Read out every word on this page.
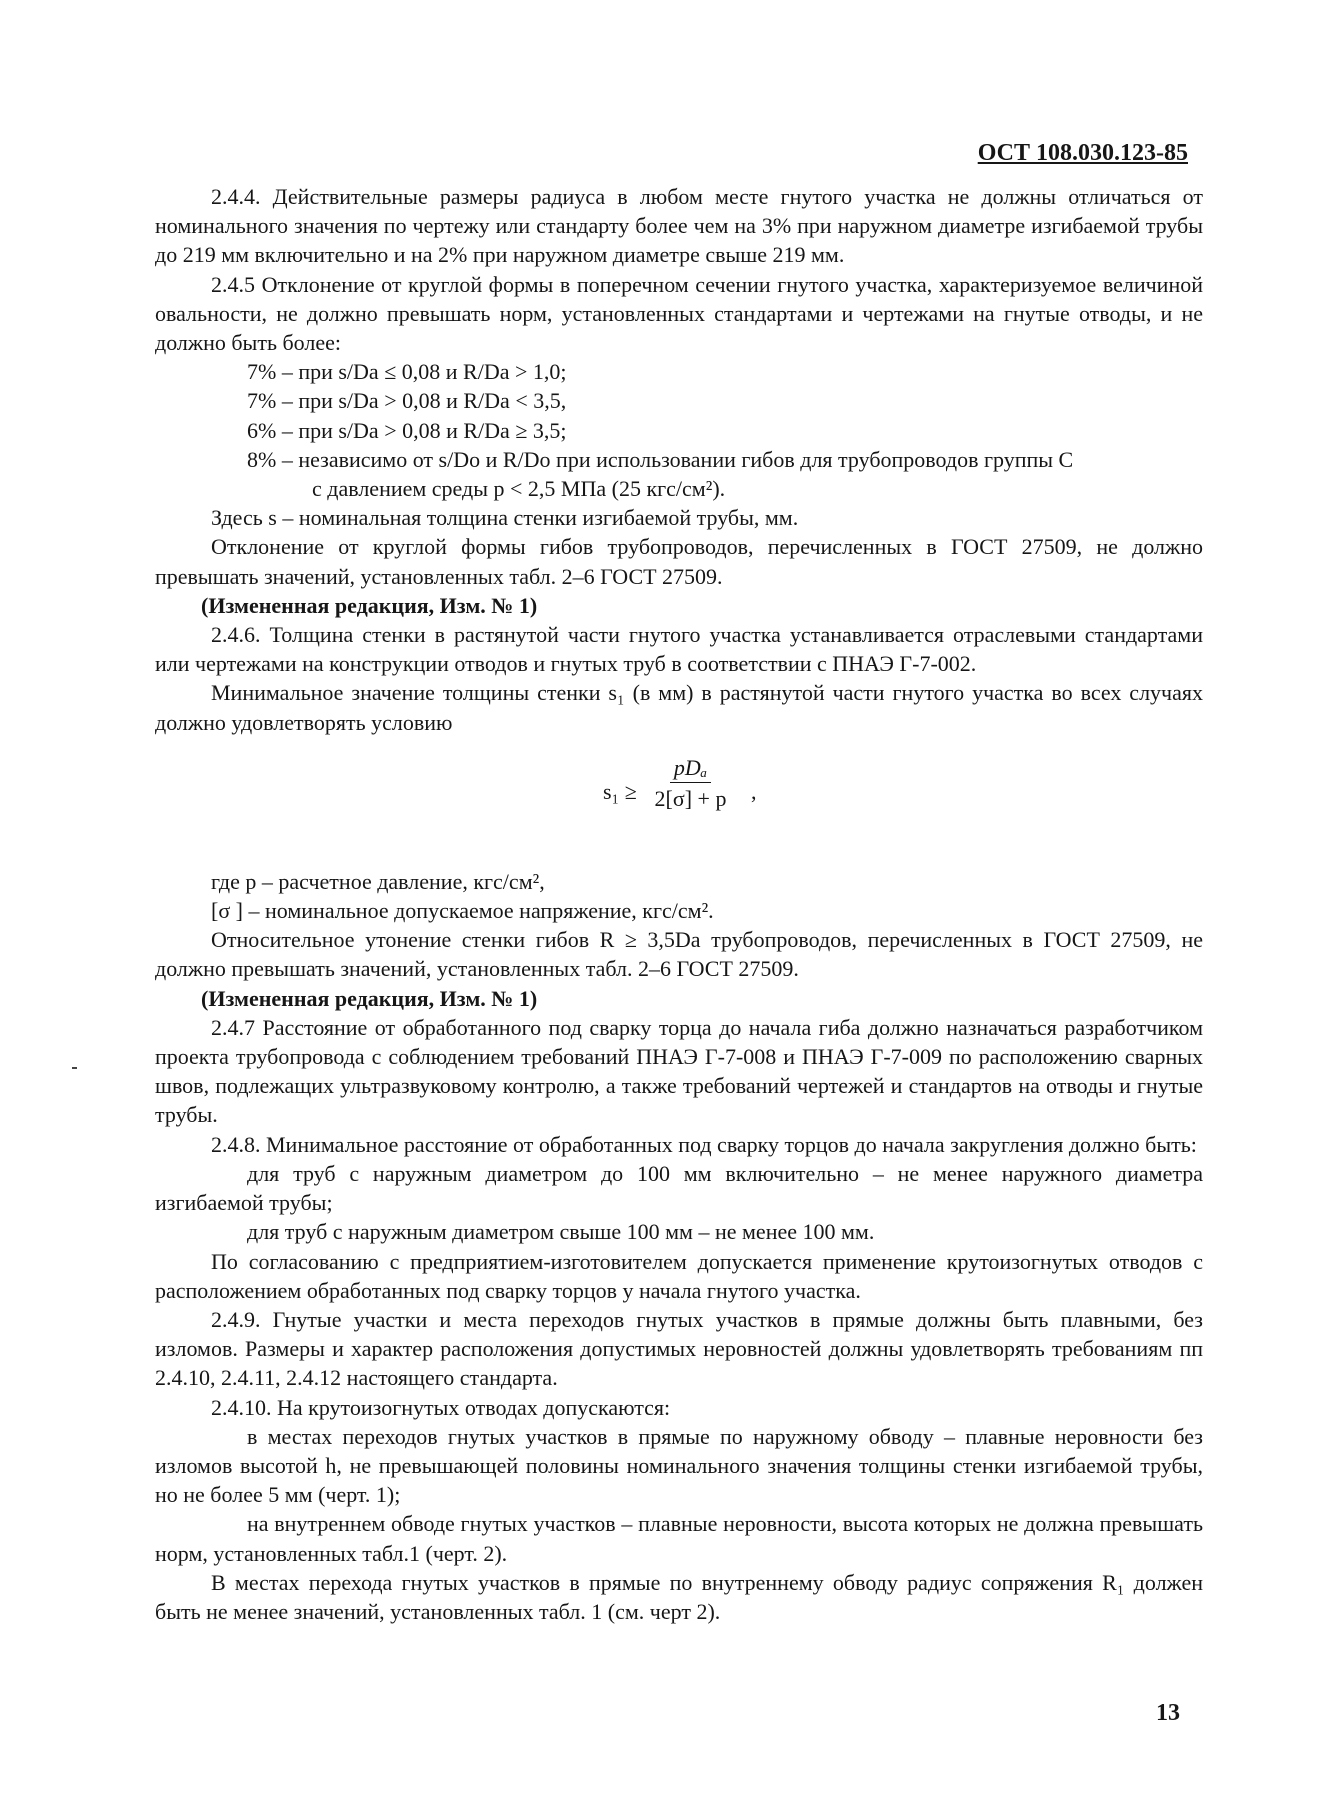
ОСТ 108.030.123-85

2.4.4. Действительные размеры радиуса в любом месте гнутого участка не должны отличаться от номинального значения по чертежу или стандарту более чем на 3% при наружном диаметре изгибаемой трубы до 219 мм включительно и на 2% при наружном диаметре свыше 219 мм.

2.4.5 Отклонение от круглой формы в поперечном сечении гнутого участка, характеризуемое величиной овальности, не должно превышать норм, установленных стандартами и чертежами на гнутые отводы, и не должно быть более:

7% – при s/Da ≤ 0,08 и R/Da > 1,0;

7% – при s/Da > 0,08 и R/Da < 3,5,

6% – при s/Da > 0,08 и R/Da ≥ 3,5;

8% – независимо от s/Do и R/Do при использовании гибов для трубопроводов группы С

с давлением среды p < 2,5 МПа (25 кгс/см²).

Здесь s – номинальная толщина стенки изгибаемой трубы, мм.

Отклонение от круглой формы гибов трубопроводов, перечисленных в ГОСТ 27509, не должно превышать значений, установленных табл. 2–6 ГОСТ 27509.

(Измененная редакция, Изм. № 1)

2.4.6. Толщина стенки в растянутой части гнутого участка устанавливается отраслевыми стандартами или чертежами на конструкции отводов и гнутых труб в соответствии с ПНАЭ Г-7-002.

Минимальное значение толщины стенки s₁ (в мм) в растянутой части гнутого участка во всех случаях должно удовлетворять условию

s₁ ≥
pDₐ
2[σ] + p	,

где p – расчетное давление, кгс/см²,

[σ ] – номинальное допускаемое напряжение, кгс/см².

Относительное утонение стенки гибов R ≥ 3,5Da трубопроводов, перечисленных в ГОСТ 27509, не должно превышать значений, установленных табл. 2–6 ГОСТ 27509.

(Измененная редакция, Изм. № 1)

2.4.7 Расстояние от обработанного под сварку торца до начала гиба должно назначаться разработчиком проекта трубопровода с соблюдением требований ПНАЭ Г-7-008 и ПНАЭ Г-7-009 по расположению сварных швов, подлежащих ультразвуковому контролю, а также требований чертежей и стандартов на отводы и гнутые трубы.

2.4.8. Минимальное расстояние от обработанных под сварку торцов до начала закругления должно быть:

для труб с наружным диаметром до 100 мм включительно – не менее наружного диаметра изгибаемой трубы;

для труб с наружным диаметром свыше 100 мм – не менее 100 мм.

По согласованию с предприятием-изготовителем допускается применение крутоизогнутых отводов с расположением обработанных под сварку торцов у начала гнутого участка.

2.4.9. Гнутые участки и места переходов гнутых участков в прямые должны быть плавными, без изломов. Размеры и характер расположения допустимых неровностей должны удовлетворять требованиям пп 2.4.10, 2.4.11, 2.4.12 настоящего стандарта.

2.4.10. На крутоизогнутых отводах допускаются:

в местах переходов гнутых участков в прямые по наружному обводу – плавные неровности без изломов высотой h, не превышающей половины номинального значения толщины стенки изгибаемой трубы, но не более 5 мм (черт. 1);

на внутреннем обводе гнутых участков – плавные неровности, высота которых не должна превышать норм, установленных табл.1 (черт. 2).

В местах перехода гнутых участков в прямые по внутреннему обводу радиус сопряжения R₁ должен быть не менее значений, установленных табл. 1 (см. черт 2).

13
